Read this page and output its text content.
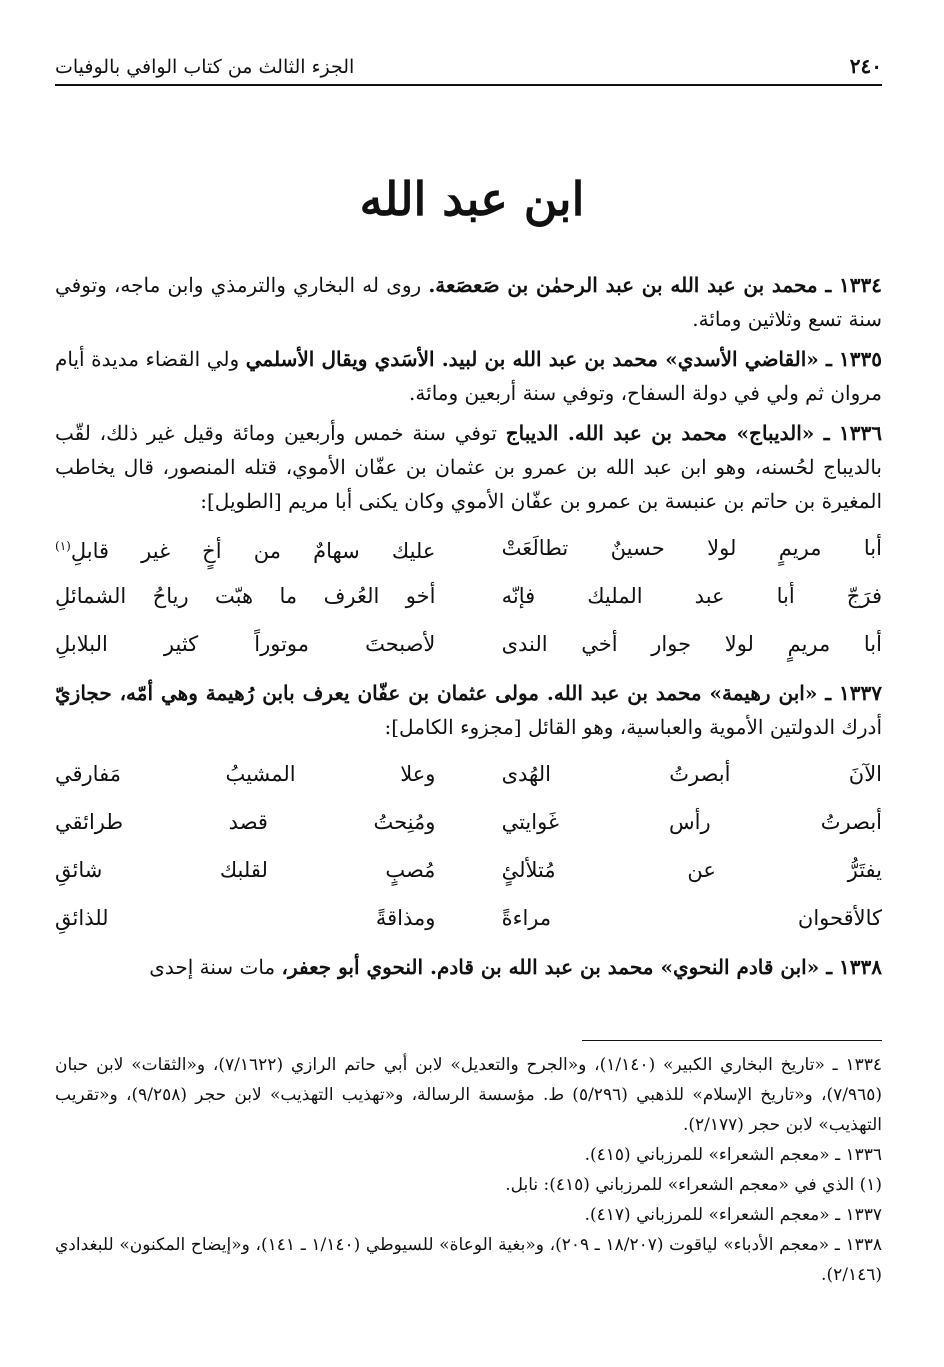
٢٤٠
الجزء الثالث من كتاب الوافي بالوفيات
ابن عبد الله

١٣٣٤ ـ محمد بن عبد الله بن عبد الرحمٰن بن صَعصَعة. روى له البخاري والترمذي وابن ماجه، وتوفي سنة تسع وثلاثين ومائة.

١٣٣٥ ـ «القاضي الأسدي» محمد بن عبد الله بن لبيد. الأسَدي ويقال الأسلمي ولي القضاء مديدة أيام مروان ثم ولي في دولة السفاح، وتوفي سنة أربعين ومائة.

١٣٣٦ ـ «الديباج» محمد بن عبد الله. الديباج توفي سنة خمس وأربعين ومائة وقيل غير ذلك، لقّب بالديباج لحُسنه، وهو ابن عبد الله بن عمرو بن عثمان بن عفّان الأموي، قتله المنصور، قال يخاطب المغيرة بن حاتم بن عنبسة بن عمرو بن عفّان الأموي وكان يكنى أبا مريم [الطويل]:

أبا مريمٍ لولا حسينٌ تطالَعَتْ
عليك سهامٌ من أخٍ غير قابلِ$^{(١)}$
فرَجّ أبا عبد المليك فإنّه
أخو العُرف ما هبّت رياحُ الشمائلِ
أبا مريمٍ لولا جوار أخي الندى
لأصبحتَ موتوراً كثير البلابلِ

١٣٣٧ ـ «ابن رهيمة» محمد بن عبد الله. مولى عثمان بن عفّان يعرف بابن رُهيمة وهي أمّه، حجازيّ أدرك الدولتين الأموية والعباسية، وهو القائل [مجزوء الكامل]:

الآنَ أبصرتُ الهُدى
وعلا المشيبُ مَفارقي
أبصرتُ رأس غَوايتي
ومُنِحتُ قصد طرائقي
يفتَرُّ عن مُتلألئٍ
مُصبٍ لقلبك شائقِ
كالأقحوان مراءةً
ومذاقةً للذائقِ

١٣٣٨ ـ «ابن قادم النحوي» محمد بن عبد الله بن قادم. النحوي أبو جعفر، مات سنة إحدى

١٣٣٤ ـ «تاريخ البخاري الكبير» (١/١٤٠)، و«الجرح والتعديل» لابن أبي حاتم الرازي (٧/١٦٢٢)، و«الثقات» لابن حبان (٧/٩٦٥)، و«تاريخ الإسلام» للذهبي (٥/٢٩٦) ط. مؤسسة الرسالة، و«تهذيب التهذيب» لابن حجر (٩/٢٥٨)، و«تقريب التهذيب» لابن حجر (٢/١٧٧).

١٣٣٦ ـ «معجم الشعراء» للمرزباني (٤١٥).

(١) الذي في «معجم الشعراء» للمرزباني (٤١٥): نابل.

١٣٣٧ ـ «معجم الشعراء» للمرزباني (٤١٧).

١٣٣٨ ـ «معجم الأدباء» لياقوت (١٨/٢٠٧ ـ ٢٠٩)، و«بغية الوعاة» للسيوطي (١/١٤٠ ـ ١٤١)، و«إيضاح المكنون» للبغدادي (٢/١٤٦).
